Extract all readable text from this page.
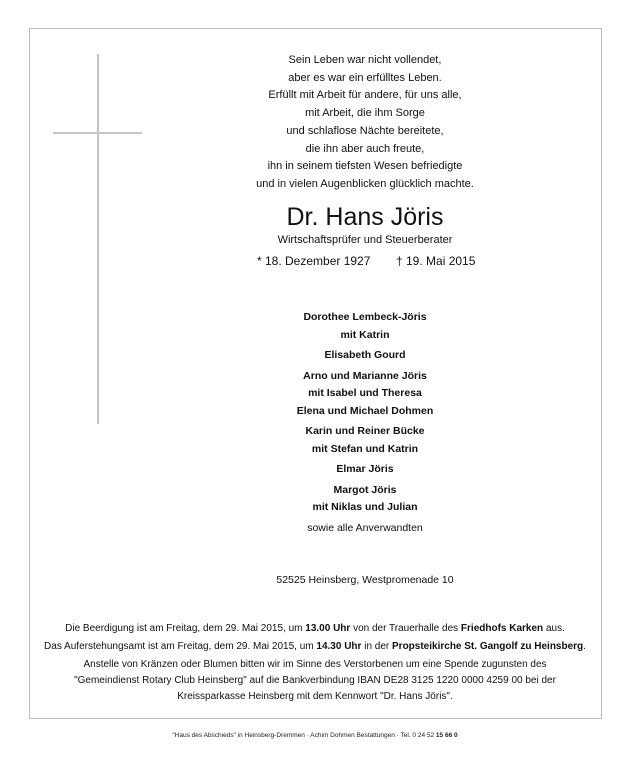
Sein Leben war nicht vollendet,
aber es war ein erfülltes Leben.
Erfüllt mit Arbeit für andere, für uns alle,
mit Arbeit, die ihm Sorge
und schlaflose Nächte bereitete,
die ihn aber auch freute,
ihn in seinem tiefsten Wesen befriedigte
und in vielen Augenblicken glücklich machte.
Dr. Hans Jöris
Wirtschaftsprüfer und Steuerberater
* 18. Dezember 1927 † 19. Mai 2015
Dorothee Lembeck-Jöris
mit Katrin
Elisabeth Gourd
Arno und Marianne Jöris
mit Isabel und Theresa
Elena und Michael Dohmen
Karin und Reiner Bücke
mit Stefan und Katrin
Elmar Jöris
Margot Jöris
mit Niklas und Julian
sowie alle Anverwandten
52525 Heinsberg, Westpromenade 10

Die Beerdigung ist am Freitag, dem 29. Mai 2015, um 13.00 Uhr von der Trauerhalle des Friedhofs Karken aus.

Das Auferstehungsamt ist am Freitag, dem 29. Mai 2015, um 14.30 Uhr in der Propsteikirche St. Gangolf zu Heinsberg.

Anstelle von Kränzen oder Blumen bitten wir im Sinne des Verstorbenen um eine Spende zugunsten des
"Gemeindienst Rotary Club Heinsberg" auf die Bankverbindung IBAN DE28 3125 1220 0000 4259 00 bei der
Kreissparkasse Heinsberg mit dem Kennwort "Dr. Hans Jöris".

"Haus des Abschieds" in Heinsberg-Dremmen · Achim Dohmen Bestattungen · Tel. 0 24 52 15 66 0
